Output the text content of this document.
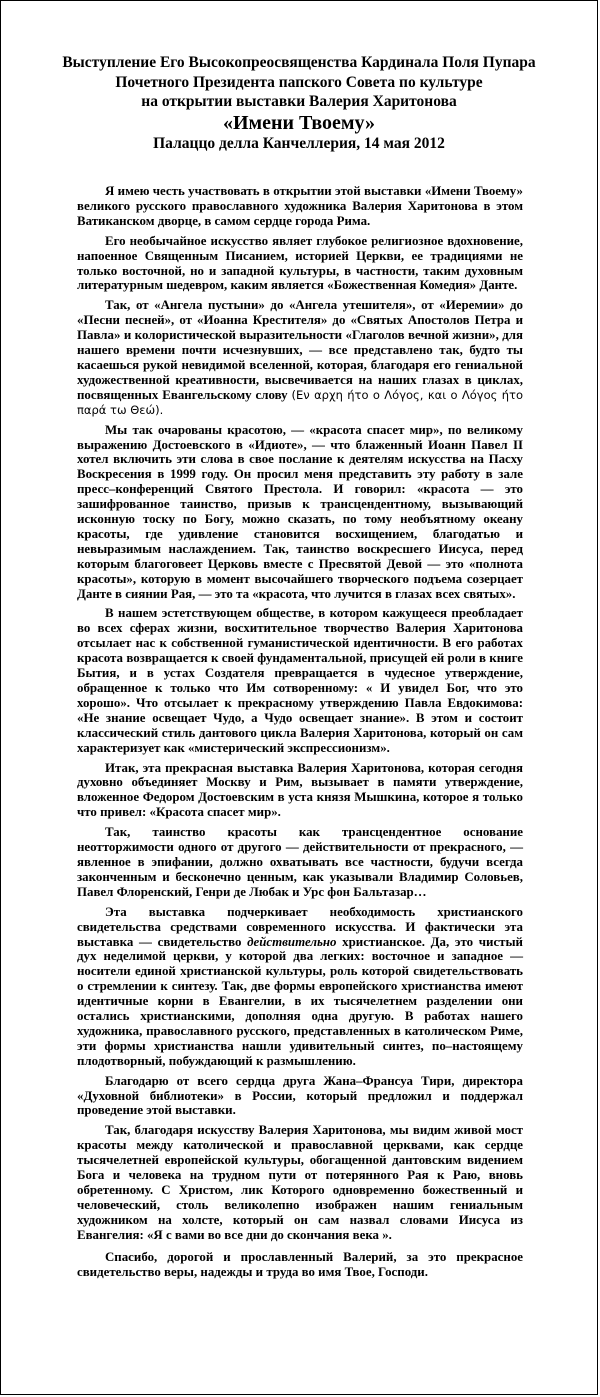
Выступление Его Высокопреосвященства Кардинала Поля Пупара
Почетного Президента папского Совета по культуре
на открытии выставки Валерия Харитонова
«Имени Твоему»
Палаццо делла Канчеллерия, 14 мая 2012

Я имею честь участвовать в открытии этой выставки «Имени Твоему» великого русского православного художника Валерия Харитонова в этом Ватиканском дворце, в самом сердце города Рима.

Его необычайное искусство являет глубокое религиозное вдохновение, напоенное Священным Писанием, историей Церкви, ее традициями не только восточной, но и западной культуры, в частности, таким духовным литературным шедевром, каким является «Божественная Комедия» Данте.

Так, от «Ангела пустыни» до «Ангела утешителя», от «Иеремии» до «Песни песней», от «Иоанна Крестителя» до «Святых Апостолов Петра и Павла» и колористической выразительности «Глаголов вечной жизни», для нашего времени почти исчезнувших, — все представлено так, будто ты касаешься рукой невидимой вселенной, которая, благодаря его гениальной художественной креативности, высвечивается на наших глазах в циклах, посвященных Евангельскому слову (Εν αρχη ήτο ο Λόγος, και ο Λόγος ήτο παρά τω Θεώ).

Мы так очарованы красотою, — «красота спасет мир», по великому выражению Достоевского в «Идиоте», — что блаженный Иоанн Павел II хотел включить эти слова в свое послание к деятелям искусства на Пасху Воскресения в 1999 году. Он просил меня представить эту работу в зале пресс–конференций Святого Престола. И говорил: «красота — это зашифрованное таинство, призыв к трансцендентному, вызывающий исконную тоску по Богу, можно сказать, по тому необъятному океану красоты, где удивление становится восхищением, благодатью и невыразимым наслаждением. Так, таинство воскресшего Иисуса, перед которым благоговеет Церковь вместе с Пресвятой Девой — это «полнота красоты», которую в момент высочайшего творческого подъема созерцает Данте в сиянии Рая, — это та «красота, что лучится в глазах всех святых».

В нашем эстетствующем обществе, в котором кажущееся преобладает во всех сферах жизни, восхитительное творчество Валерия Харитонова отсылает нас к собственной гуманистической идентичности. В его работах красота возвращается к своей фундаментальной, присущей ей роли в книге Бытия, и в устах Создателя превращается в чудесное утверждение, обращенное к только что Им сотворенному: « И увидел Бог, что это хорошо». Что отсылает к прекрасному утверждению Павла Евдокимова: «Не знание освещает Чудо, а Чудо освещает знание». В этом и состоит классический стиль дантового цикла Валерия Харитонова, который он сам характеризует как «мистерический экспрессионизм».

Итак, эта прекрасная выставка Валерия Харитонова, которая сегодня духовно объединяет Москву и Рим, вызывает в памяти утверждение, вложенное Федором Достоевским в уста князя Мышкина, которое я только что привел: «Красота спасет мир».

Так, таинство красоты как трансцендентное основание неотторжимости одного от другого — действительности от прекрасного, — явленное в эпифании, должно охватывать все частности, будучи всегда законченным и бесконечно ценным, как указывали Владимир Соловьев, Павел Флоренский, Генри де Любак и Урс фон Бальтазар…

Эта выставка подчеркивает необходимость христианского свидетельства средствами современного искусства. И фактически эта выставка — свидетельство действительно христианское. Да, это чистый дух неделимой церкви, у которой два легких: восточное и западное — носители единой христианской культуры, роль которой свидетельствовать о стремлении к синтезу. Так, две формы европейского христианства имеют идентичные корни в Евангелии, в их тысячелетнем разделении они остались христианскими, дополняя одна другую. В работах нашего художника, православного русского, представленных в католическом Риме, эти формы христианства нашли удивительный синтез, по–настоящему плодотворный, побуждающий к размышлению.

Благодарю от всего сердца друга Жана–Франсуа Тири, директора «Духовной библиотеки» в России, который предложил и поддержал проведение этой выставки.

Так, благодаря искусству Валерия Харитонова, мы видим живой мост красоты между католической и православной церквами, как сердце тысячелетней европейской культуры, обогащенной дантовским видением Бога и человека на трудном пути от потерянного Рая к Раю, вновь обретенному. С Христом, лик Которого одновременно божественный и человеческий, столь великолепно изображен нашим гениальным художником на холсте, который он сам назвал словами Иисуса из Евангелия: «Я с вами во все дни до скончания века ».

Спасибо, дорогой и прославленный Валерий, за это прекрасное свидетельство веры, надежды и труда во имя Твое, Господи.
